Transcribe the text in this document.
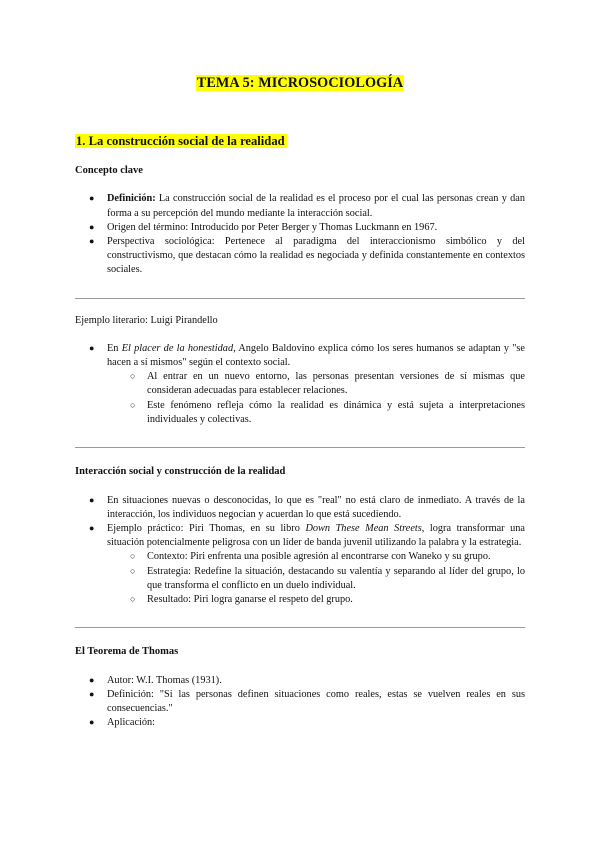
TEMA 5: MICROSOCIOLOGÍA
1. La construcción social de la realidad
Concepto clave
● Definición: La construcción social de la realidad es el proceso por el cual las personas crean y dan forma a su percepción del mundo mediante la interacción social.
● Origen del término: Introducido por Peter Berger y Thomas Luckmann en 1967.
● Perspectiva sociológica: Pertenece al paradigma del interaccionismo simbólico y del constructivismo, que destacan cómo la realidad es negociada y definida constantemente en contextos sociales.
Ejemplo literario: Luigi Pirandello
● En El placer de la honestidad, Angelo Baldovino explica cómo los seres humanos se adaptan y "se hacen a sí mismos" según el contexto social.
○ Al entrar en un nuevo entorno, las personas presentan versiones de sí mismas que consideran adecuadas para establecer relaciones.
○ Este fenómeno refleja cómo la realidad es dinámica y está sujeta a interpretaciones individuales y colectivas.
Interacción social y construcción de la realidad
● En situaciones nuevas o desconocidas, lo que es "real" no está claro de inmediato. A través de la interacción, los individuos negocian y acuerdan lo que está sucediendo.
● Ejemplo práctico: Piri Thomas, en su libro Down These Mean Streets, logra transformar una situación potencialmente peligrosa con un líder de banda juvenil utilizando la palabra y la estrategia.
○ Contexto: Piri enfrenta una posible agresión al encontrarse con Waneko y su grupo.
○ Estrategia: Redefine la situación, destacando su valentía y separando al líder del grupo, lo que transforma el conflicto en un duelo individual.
○ Resultado: Piri logra ganarse el respeto del grupo.
El Teorema de Thomas
● Autor: W.I. Thomas (1931).
● Definición: "Si las personas definen situaciones como reales, estas se vuelven reales en sus consecuencias."
● Aplicación:
